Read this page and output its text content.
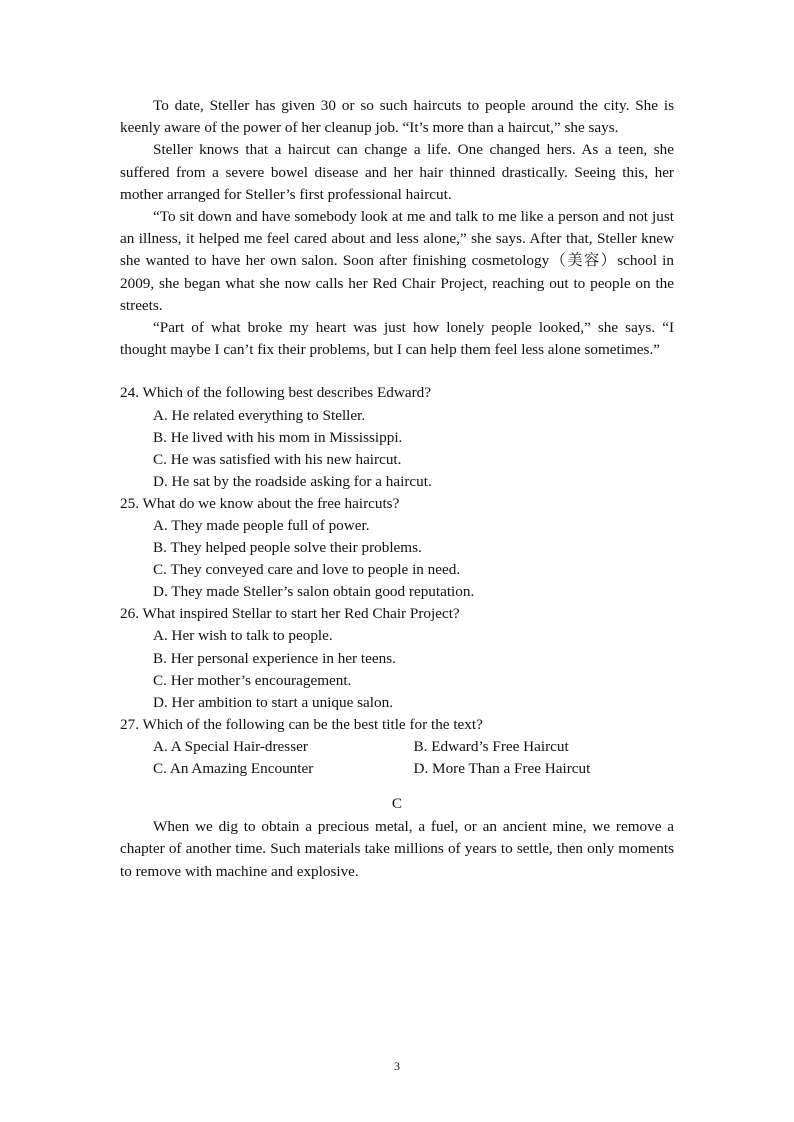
To date, Steller has given 30 or so such haircuts to people around the city. She is keenly aware of the power of her cleanup job. “It’s more than a haircut,” she says.

Steller knows that a haircut can change a life. One changed hers. As a teen, she suffered from a severe bowel disease and her hair thinned drastically. Seeing this, her mother arranged for Steller’s first professional haircut.

“To sit down and have somebody look at me and talk to me like a person and not just an illness, it helped me feel cared about and less alone,” she says. After that, Steller knew she wanted to have her own salon. Soon after finishing cosmetology（美容）school in 2009, she began what she now calls her Red Chair Project, reaching out to people on the streets.

“Part of what broke my heart was just how lonely people looked,” she says. “I thought maybe I can’t fix their problems, but I can help them feel less alone sometimes.”

24. Which of the following best describes Edward?

A. He related everything to Steller.

B. He lived with his mom in Mississippi.

C. He was satisfied with his new haircut.

D. He sat by the roadside asking for a haircut.

25. What do we know about the free haircuts?

A. They made people full of power.

B. They helped people solve their problems.

C. They conveyed care and love to people in need.

D. They made Steller’s salon obtain good reputation.

26. What inspired Stellar to start her Red Chair Project?

A. Her wish to talk to people.

B. Her personal experience in her teens.

C. Her mother’s encouragement.

D. Her ambition to start a unique salon.

27. Which of the following can be the best title for the text?

A. A Special Hair-dresser	B. Edward’s Free Haircut
C. An Amazing Encounter	D. More Than a Free Haircut

C

When we dig to obtain a precious metal, a fuel, or an ancient mine, we remove a chapter of another time. Such materials take millions of years to settle, then only moments to remove with machine and explosive.

3
